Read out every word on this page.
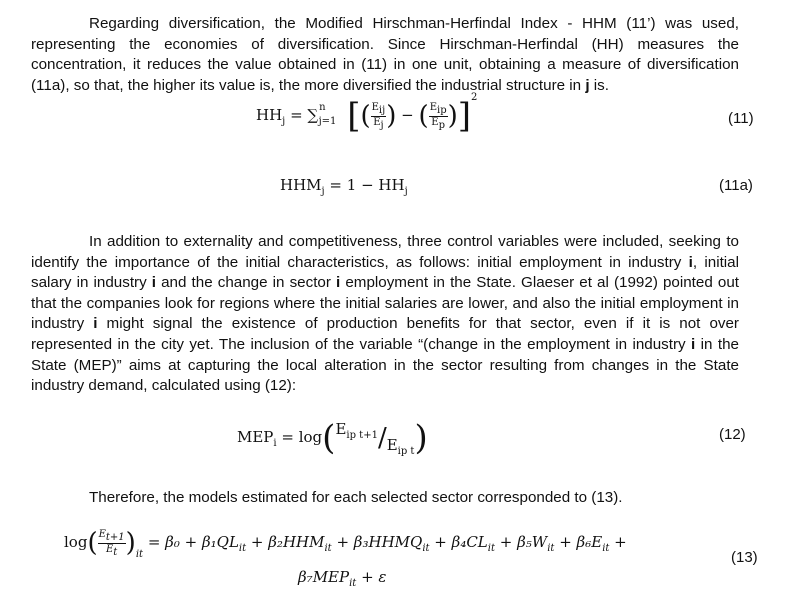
Regarding diversification, the Modified Hirschman-Herfindal Index - HHM (11’) was used, representing the economies of diversification. Since Hirschman-Herfindal (HH) measures the concentration, it reduces the value obtained in (11) in one unit, obtaining a measure of diversification (11a), so that, the higher its value is, the more diversified the industrial structure in j is.

$HH_j = \sum^n_{j=1}$ [( $\frac{E_{ij}}{E_j}$ ) − ( $\frac{E_{ip}}{E_p} )]^2$
(11)
$HHM_j = 1 - HH_j$	(11a)

In addition to externality and competitiveness, three control variables were included, seeking to identify the importance of the initial characteristics, as follows: initial employment in industry i, initial salary in industry i and the change in sector i employment in the State. Glaeser et al (1992) pointed out that the companies look for regions where the initial salaries are lower, and also the initial employment in industry i might signal the existence of production benefits for that sector, even if it is not over represented in the city yet. The inclusion of the variable “(change in the employment in industry i in the State (MEP)” aims at capturing the local alteration in the sector resulting from changes in the State industry demand, calculated using (12):

$MEP_i = \log(E_{ip t+1}/E_{ip t})$	(12)

Therefore, the models estimated for each selected sector corresponded to (13).

$\log( \frac{E_{t+1}}{E_t} )_{it} = \beta_0 + \beta_1QL_{it} + \beta_2HHM_{it}$ + $\beta_3HHMQ_{it} + \beta_4CL_{it} + \beta_5W_{it} + \beta_6E_{it}$ +
$\beta_7MEP_{it} + \varepsilon$
(13)
